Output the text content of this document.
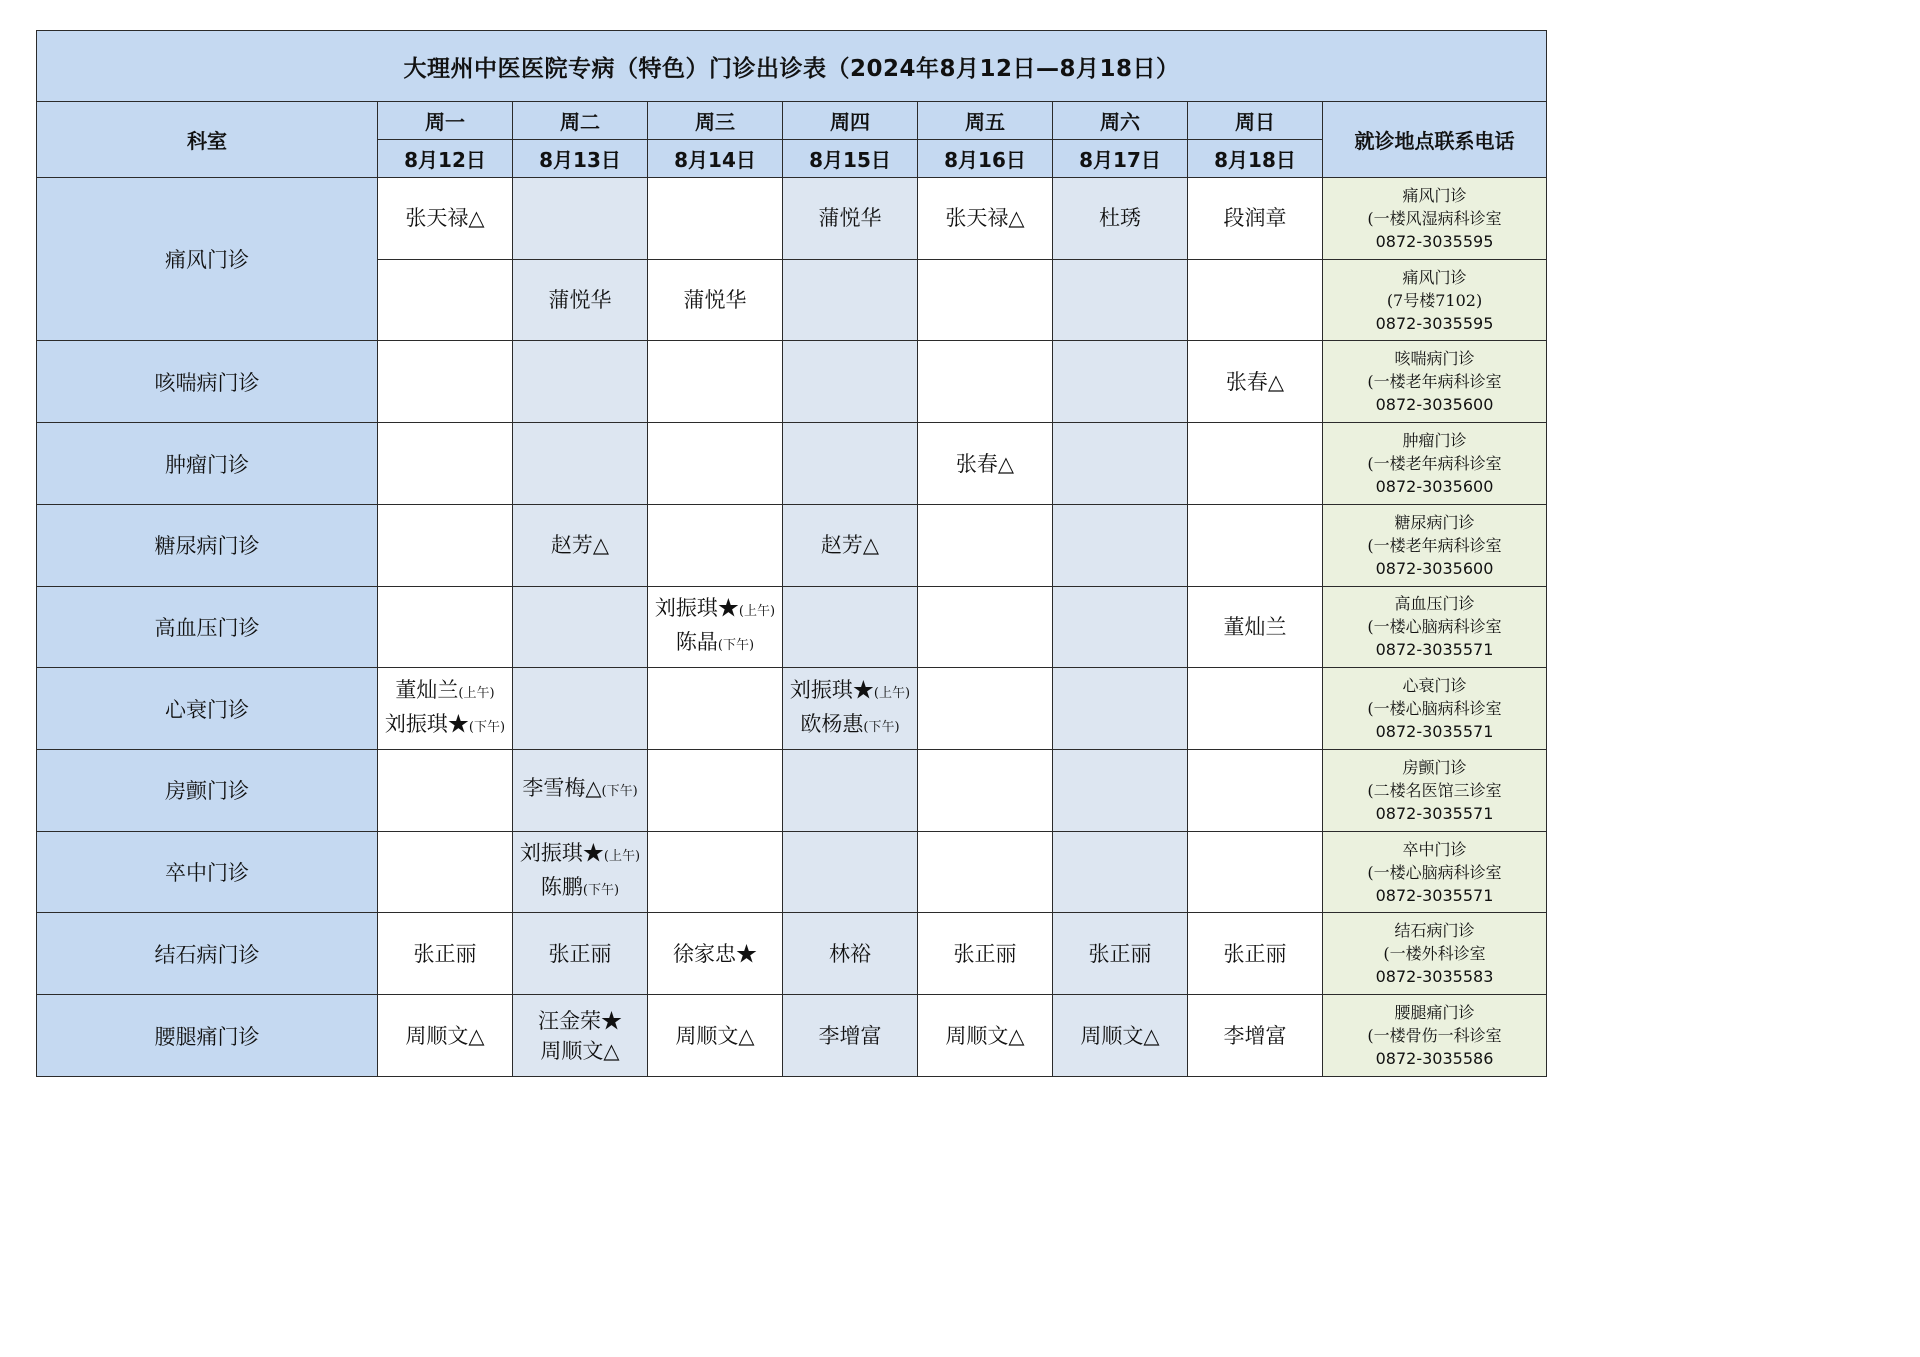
大理州中医医院专病（特色）门诊出诊表（2024年8月12日—8月18日）								
科室	周一	周二	周三	周四	周五	周六	周日	就诊地点联系电话
	8月12日	8月13日	8月14日	8月15日	8月16日	8月17日	8月18日	
痛风门诊	张天禄△			蒲悦华	张天禄△	杜琇	段润章	痛风门诊
(一楼风湿病科诊室
0872-3035595

		蒲悦华	蒲悦华					痛风门诊
(7号楼7102)
0872-3035595

咳喘病门诊							张春△	咳喘病门诊
(一楼老年病科诊室
0872-3035600

肿瘤门诊					张春△			肿瘤门诊
(一楼老年病科诊室
0872-3035600

糖尿病门诊		赵芳△		赵芳△				糖尿病门诊
(一楼老年病科诊室
0872-3035600

高血压门诊			刘振琪★(上午)
陈晶(下午)				董灿兰	高血压门诊
(一楼心脑病科诊室
0872-3035571

心衰门诊	董灿兰(上午)
刘振琪★(下午)			刘振琪★(上午)
欧杨惠(下午)				心衰门诊
(一楼心脑病科诊室
0872-3035571

房颤门诊		李雪梅△(下午)						房颤门诊
(二楼名医馆三诊室
0872-3035571

卒中门诊		刘振琪★(上午)
陈鹏(下午)						卒中门诊
(一楼心脑病科诊室
0872-3035571

结石病门诊	张正丽	张正丽	徐家忠★	林裕	张正丽	张正丽	张正丽	结石病门诊
(一楼外科诊室
0872-3035583

腰腿痛门诊	周顺文△	汪金荣★
周顺文△	周顺文△	李增富	周顺文△	周顺文△	李增富	腰腿痛门诊
(一楼骨伤一科诊室
0872-3035586
